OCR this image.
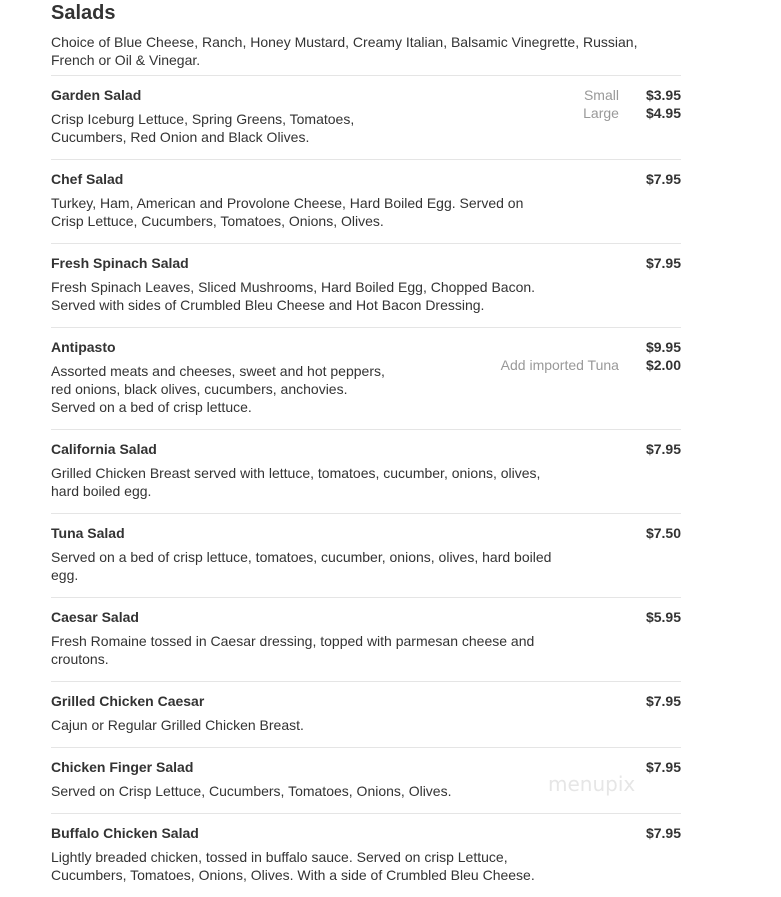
Salads
Choice of Blue Cheese, Ranch, Honey Mustard, Creamy Italian, Balsamic Vinegrette, Russian, French or Oil & Vinegar.
Garden Salad
Crisp Iceburg Lettuce, Spring Greens, Tomatoes,
Cucumbers, Red Onion and Black Olives.
Small $3.95
Large $4.95
Chef Salad
Turkey, Ham, American and Provolone Cheese, Hard Boiled Egg. Served on
Crisp Lettuce, Cucumbers, Tomatoes, Onions, Olives.
$7.95
Fresh Spinach Salad
Fresh Spinach Leaves, Sliced Mushrooms, Hard Boiled Egg, Chopped Bacon.
Served with sides of Crumbled Bleu Cheese and Hot Bacon Dressing.
$7.95
Antipasto
Assorted meats and cheeses, sweet and hot peppers,
red onions, black olives, cucumbers, anchovies.
Served on a bed of crisp lettuce.
$9.95
Add imported Tuna $2.00
California Salad
Grilled Chicken Breast served with lettuce, tomatoes, cucumber, onions, olives,
hard boiled egg.
$7.95
Tuna Salad
Served on a bed of crisp lettuce, tomatoes, cucumber, onions, olives, hard boiled
egg.
$7.50
Caesar Salad
Fresh Romaine tossed in Caesar dressing, topped with parmesan cheese and
croutons.
$5.95
Grilled Chicken Caesar
Cajun or Regular Grilled Chicken Breast.
$7.95
Chicken Finger Salad
Served on Crisp Lettuce, Cucumbers, Tomatoes, Onions, Olives.
$7.95
Buffalo Chicken Salad
Lightly breaded chicken, tossed in buffalo sauce. Served on crisp Lettuce,
Cucumbers, Tomatoes, Onions, Olives. With a side of Crumbled Bleu Cheese.
$7.95
menupix
